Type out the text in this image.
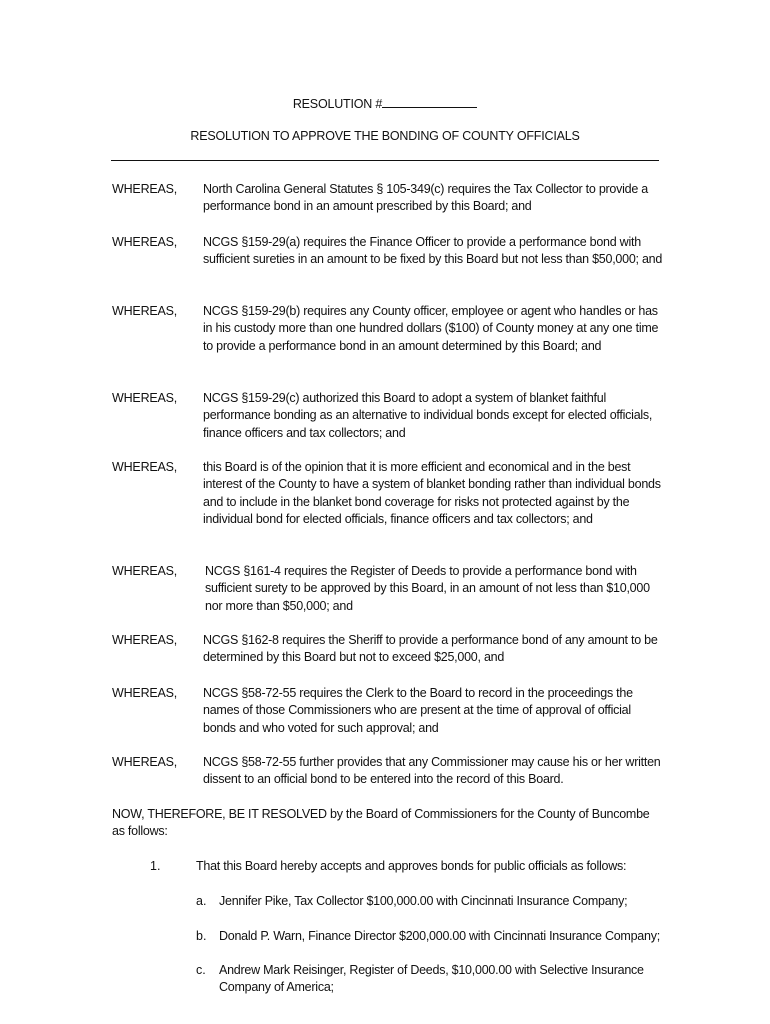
RESOLUTION #
RESOLUTION TO APPROVE THE BONDING OF COUNTY OFFICIALS
WHEREAS, North Carolina General Statutes § 105-349(c) requires the Tax Collector to provide a performance bond in an amount prescribed by this Board; and
WHEREAS, NCGS §159-29(a) requires the Finance Officer to provide a performance bond with sufficient sureties in an amount to be fixed by this Board but not less than $50,000; and
WHEREAS, NCGS §159-29(b) requires any County officer, employee or agent who handles or has in his custody more than one hundred dollars ($100) of County money at any one time to provide a performance bond in an amount determined by this Board; and
WHEREAS, NCGS §159-29(c) authorized this Board to adopt a system of blanket faithful performance bonding as an alternative to individual bonds except for elected officials, finance officers and tax collectors; and
WHEREAS, this Board is of the opinion that it is more efficient and economical and in the best interest of the County to have a system of blanket bonding rather than individual bonds and to include in the blanket bond coverage for risks not protected against by the individual bond for elected officials, finance officers and tax collectors; and
WHEREAS, NCGS §161-4 requires the Register of Deeds to provide a performance bond with sufficient surety to be approved by this Board, in an amount of not less than $10,000 nor more than $50,000; and
WHEREAS, NCGS §162-8 requires the Sheriff to provide a performance bond of any amount to be determined by this Board but not to exceed $25,000, and
WHEREAS, NCGS §58-72-55 requires the Clerk to the Board to record in the proceedings the names of those Commissioners who are present at the time of approval of official bonds and who voted for such approval; and
WHEREAS, NCGS §58-72-55 further provides that any Commissioner may cause his or her written dissent to an official bond to be entered into the record of this Board.
NOW, THEREFORE, BE IT RESOLVED by the Board of Commissioners for the County of Buncombe as follows:
1.	That this Board hereby accepts and approves bonds for public officials as follows:
a. Jennifer Pike, Tax Collector $100,000.00 with Cincinnati Insurance Company;
b. Donald P. Warn, Finance Director $200,000.00 with Cincinnati Insurance Company;
c. Andrew Mark Reisinger, Register of Deeds, $10,000.00 with Selective Insurance Company of America;
